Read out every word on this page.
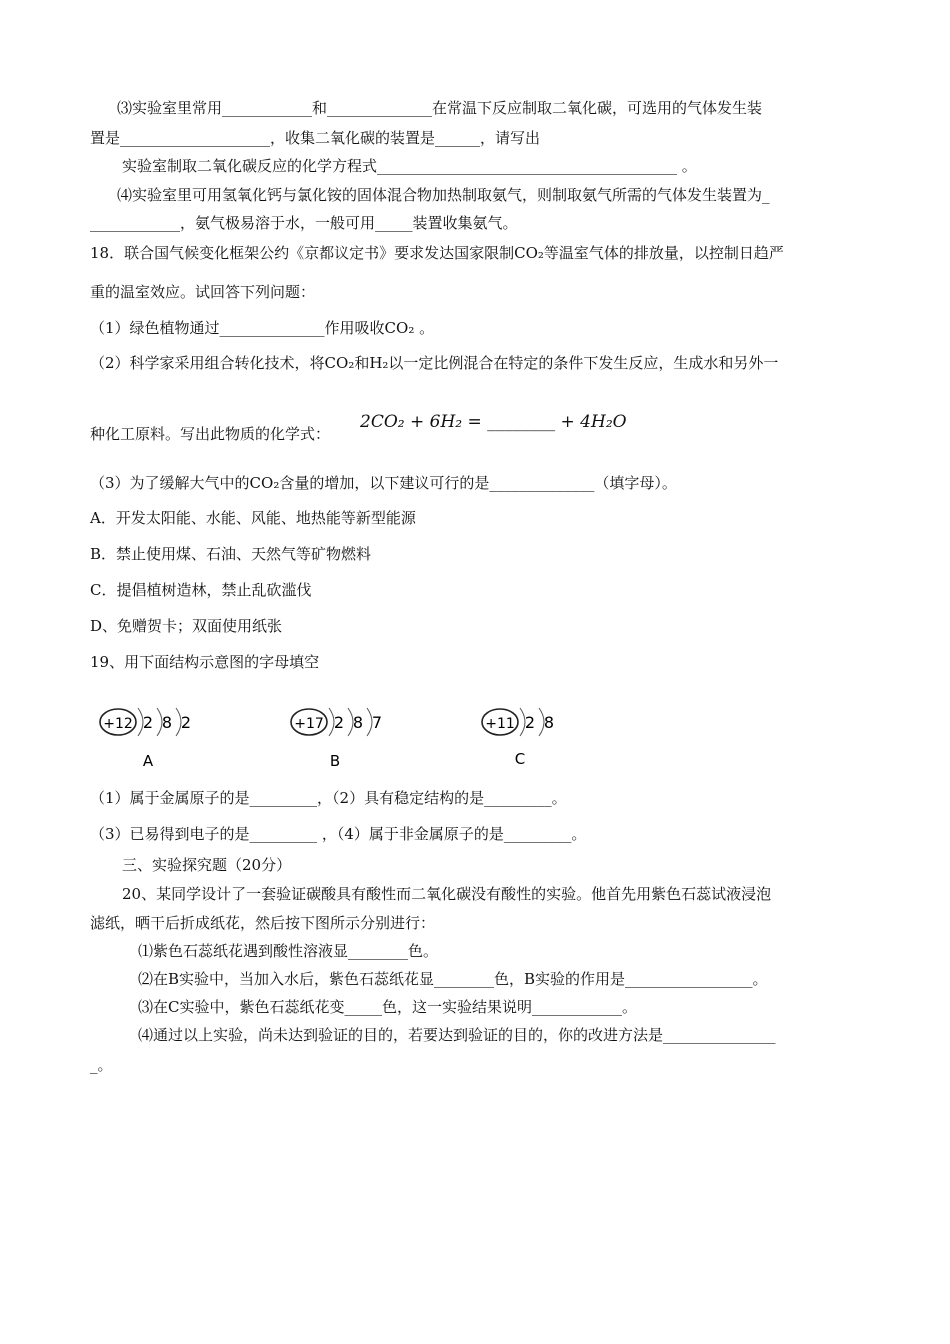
⑶实验室里常用____________和______________在常温下反应制取二氧化碳，可选用的气体发生装
置是____________________，收集二氧化碳的装置是______，请写出
实验室制取二氧化碳反应的化学方程式________________________________________ 。
⑷实验室里可用氢氧化钙与氯化铵的固体混合物加热制取氨气，则制取氨气所需的气体发生装置为_
____________，氨气极易溶于水，一般可用_____装置收集氨气。
18．联合国气候变化框架公约《京都议定书》要求发达国家限制CO₂等温室气体的排放量，以控制日趋严
重的温室效应。试回答下列问题：
（1）绿色植物通过______________作用吸收CO₂ 。
（2）科学家采用组合转化技术，将CO₂和H₂以一定比例混合在特定的条件下发生反应，生成水和另外一
种化工原料。写出此物质的化学式：
2CO₂ + 6H₂ = ________ + 4H₂O
（3）为了缓解大气中的CO₂含量的增加，以下建议可行的是______________（填字母）。
A．开发太阳能、水能、风能、地热能等新型能源
B．禁止使用煤、石油、天然气等矿物燃料
C．提倡植树造林，禁止乱砍滥伐
D、免赠贺卡；双面使用纸张
19、用下面结构示意图的字母填空
+12 2 8 2
A
+17 2 8 7
B
+11 2 8
C
（1）属于金属原子的是_________，（2）具有稳定结构的是_________。
（3）已易得到电子的是_________ ，（4）属于非金属原子的是_________。
三、实验探究题（20分）
20、某同学设计了一套验证碳酸具有酸性而二氧化碳没有酸性的实验。他首先用紫色石蕊试液浸泡
滤纸，晒干后折成纸花，然后按下图所示分别进行：
⑴紫色石蕊纸花遇到酸性溶液显________色。
⑵在B实验中，当加入水后，紫色石蕊纸花显________色，B实验的作用是_________________。
⑶在C实验中，紫色石蕊纸花变_____色，这一实验结果说明____________。
⑷通过以上实验，尚未达到验证的目的，若要达到验证的目的，你的改进方法是_______________
_。
